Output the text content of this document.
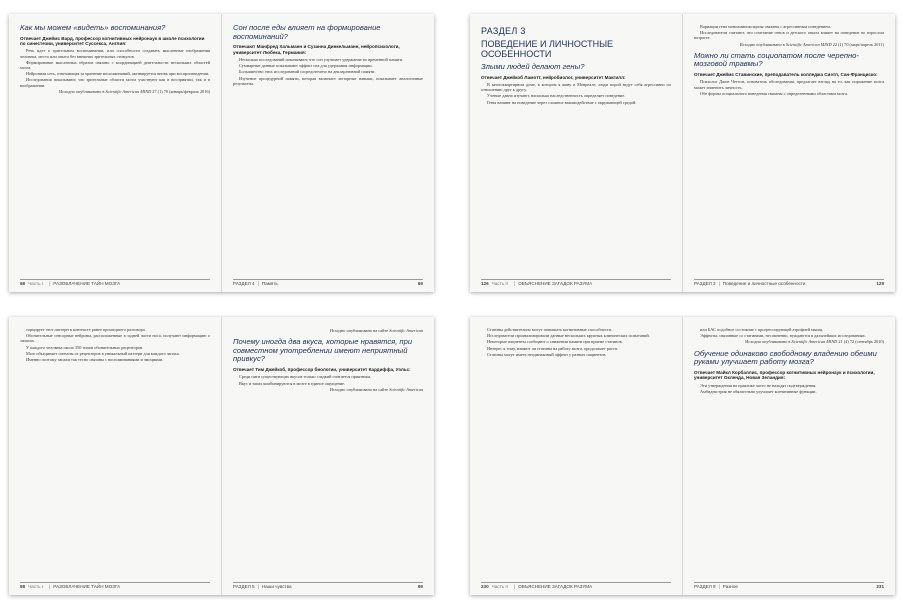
Как мы можем «видеть» воспоминания?
Отвечает Джеймс Вард, профессор когнитивных нейронаук в школе психологии по синестезии, университет Суссекса, Англия:
Речь идет о зрительном воспоминании, или способности создавать мысленные изображения человека, места или опыта без внешних зрительных стимулов.
Формирование мысленных образов связано с координацией деятельности нескольких областей мозга.
Нейронная сеть, отвечающая за хранение воспоминаний, активируется вновь при воспроизведении.
Исследования показывают, что зрительные области мозга участвуют как в восприятии, так и в воображении.
Исходно опубликовано в Scientific American MIND 27 (1) 70 (январь/февраль 2016)
68 Часть I | РАЗОБЛАЧЕНИЕ ТАЙН МОЗГА
Сон после еды влияет на формирование воспоминаний?
Отвечают Манфред Хальманн и Сузанна Динкельманн, нейропсихологи, университет Любека, Германия:
Несколько исследований показывают, что сон улучшает удержание во временной памяти.
Суммарные данные показывают эффект сна для удержания информации.
Большинство этих исследований сосредоточено на декларативной памяти.
Изучение процедурной памяти, которая включает моторные навыки, показывает аналогичные результаты.
РАЗДЕЛ 4 | Память	69
РАЗДЕЛ 3
ПОВЕДЕНИЕ И ЛИЧНОСТНЫЕ ОСОБЕННОСТИ
Злыми людей делают гены?
Отвечает Джейкоб Ламотт, нейробиолог, университет Макгилл:
В многоквартирном доме, в котором я живу в Монреале, люди порой ведут себя агрессивно по отношению друг к другу.
Ученые давно изучают, насколько наследственность определяет поведение.
Гены влияют на поведение через сложное взаимодействие с окружающей средой.
126 Часть II | ОБЪЯСНЕНИЕ ЗАГАДОК РАЗУМА
Вариации гена моноаминоксидазы связаны с агрессивным поведением.
Исследователи считают, что сочетание генов и детского опыта влияет на поведение во взрослом возрасте.
Исходно опубликовано в Scientific American MIND 22 (1) 70 (март/апрель 2011)
Можно ли стать социопатом после черепно-мозговой травмы?
Отвечает Джеймс Ставинские, преподаватель колледжа Сиэтл, Сан-Франциско:
Психолог Джон Четтон, основатель обследования, предлагает взгляд на то, как поражение мозга может изменить личность.
Обе формы асоциального поведения связаны с определенными областями мозга.
РАЗДЕЛ 3 | Поведение и личностные особенности	129
торцирует этот паттерн в контексте ранее прошедшего разговора.
Обонятельные сенсорные нейроны, расположенные в задней части носа, получают информацию о запахах.
У каждого человека около 350 типов обонятельных рецепторов.
Мозг объединяет сигналы от рецепторов в уникальный паттерн для каждого запаха.
Именно поэтому запахи так тесно связаны с воспоминаниями и эмоциями.
98 Часть I | РАЗОБЛАЧЕНИЕ ТАЙН МОЗГА
Исходно опубликовано на сайте Scientific American
Почему иногда два вкуса, которые нравятся, при совместном употреблении имеют неприятный привкус?
Отвечает Тим Джейкоб, профессор биологии, университет Кардиффа, Уэльс:
Среди пяти существующих вкусов только сладкий считается приятным.
Вкус и запах комбинируются в мозге в единое ощущение.
Исходно опубликовано на сайте Scientific American
РАЗДЕЛ 5 | Наши чувства	99
Статины действительно могут повышать когнитивные способности.
Исследователи проанализировали данные нескольких крупных клинических испытаний.
Некоторые пациенты сообщают о снижении памяти при приеме статинов.
Интерес к тому, влияют ли статины на работу мозга, продолжает расти.
Статины могут иметь неодинаковый эффект у разных пациентов.
230 Часть II | ОБЪЯСНЕНИЕ ЗАГАДОК РАЗУМА
или БАС подобное состояние с прогрессирующей атрофией мышц.
Эффекты, связанные со статинами, несомненно, нуждаются в дальнейших исследованиях.
Исходно опубликовано в Scientific American MIND 21 (4) 72 (сентябрь 2010)
Обучение одинаково свободному владению обеими руками улучшает работу мозга?
Отвечает Майкл Корбаллис, профессор когнитивных нейронаук и психологии, университет Окленда, Новая Зеландия:
Эти утверждения на практике часто не находят подтверждения.
Амбидекстрия не обязательно улучшает когнитивные функции.
РАЗДЕЛ 9 | Разное	231
